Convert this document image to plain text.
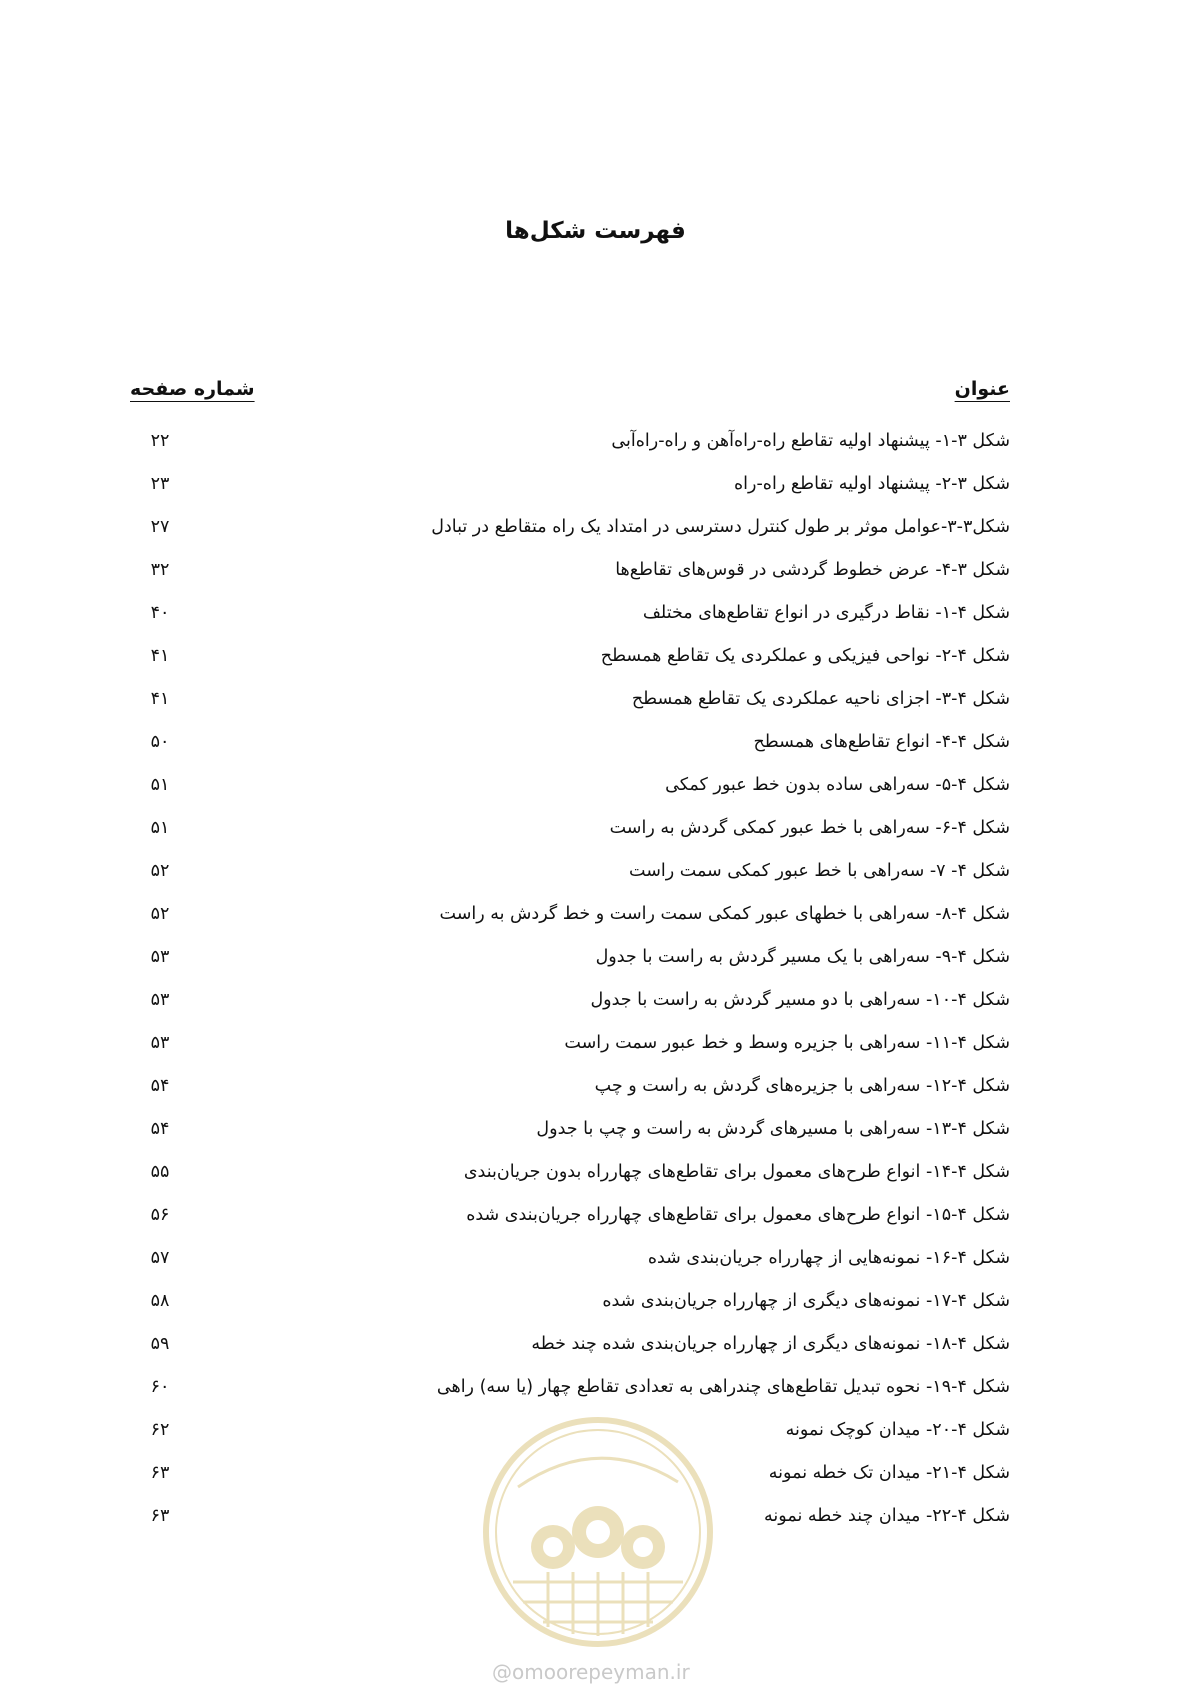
فهرست شکل‌ها
عنوان
شماره صفحه
شکل ۳-۱- پیشنهاد اولیه تقاطع راه-راه‌آهن و راه-راه‌آبی
۲۲
شکل ۳-۲- پیشنهاد اولیه تقاطع راه-راه
۲۳
شکل۳-۳-عوامل موثر بر طول کنترل دسترسی در امتداد یک راه متقاطع در تبادل
۲۷
شکل ۳-۴- عرض خطوط گردشی در قوس‌های تقاطع‌ها
۳۲
شکل ۴-۱- نقاط درگیری در انواع تقاطع‌های مختلف
۴۰
شکل ۴-۲- نواحی فیزیکی و عملکردی یک تقاطع همسطح
۴۱
شکل ۴-۳- اجزای ناحیه عملکردی یک تقاطع همسطح
۴۱
شکل ۴-۴- انواع تقاطع‌های همسطح
۵۰
شکل ۴-۵- سه‌راهی ساده بدون خط عبور کمکی
۵۱
شکل ۴-۶- سه‌راهی با خط عبور کمکی گردش به راست
۵۱
شکل ۴- ۷- سه‌راهی با خط عبور کمکی سمت راست
۵۲
شکل ۴-۸- سه‌راهی با خطهای عبور کمکی سمت راست و خط گردش به راست
۵۲
شکل ۴-۹- سه‌راهی با یک مسیر گردش به راست با جدول
۵۳
شکل ۴-۱۰- سه‌راهی با دو مسیر گردش به راست با جدول
۵۳
شکل ۴-۱۱- سه‌راهی با جزیره وسط و خط عبور سمت راست
۵۳
شکل ۴-۱۲- سه‌راهی با جزیره‌های گردش به راست و چپ
۵۴
شکل ۴-۱۳- سه‌راهی با مسیرهای گردش به راست و چپ با جدول
۵۴
شکل ۴-۱۴- انواع طرح‌های معمول برای تقاطع‌های چهارراه بدون جریان‌بندی
۵۵
شکل ۴-۱۵- انواع طرح‌های معمول برای تقاطع‌های چهارراه جریان‌بندی شده
۵۶
شکل ۴-۱۶- نمونه‌هایی از چهارراه جریان‌بندی شده
۵۷
شکل ۴-۱۷- نمونه‌های دیگری از چهارراه جریان‌بندی شده
۵۸
شکل ۴-۱۸- نمونه‌های دیگری از چهارراه جریان‌بندی شده چند خطه
۵۹
شکل ۴-۱۹- نحوه تبدیل تقاطع‌های چندراهی به تعدادی تقاطع چهار (یا سه) راهی
۶۰
شکل ۴-۲۰- میدان کوچک نمونه
۶۲
شکل ۴-۲۱- میدان تک خطه نمونه
۶۳
شکل ۴-۲۲- میدان چند خطه نمونه
۶۳
@omoorepeyman.ir
